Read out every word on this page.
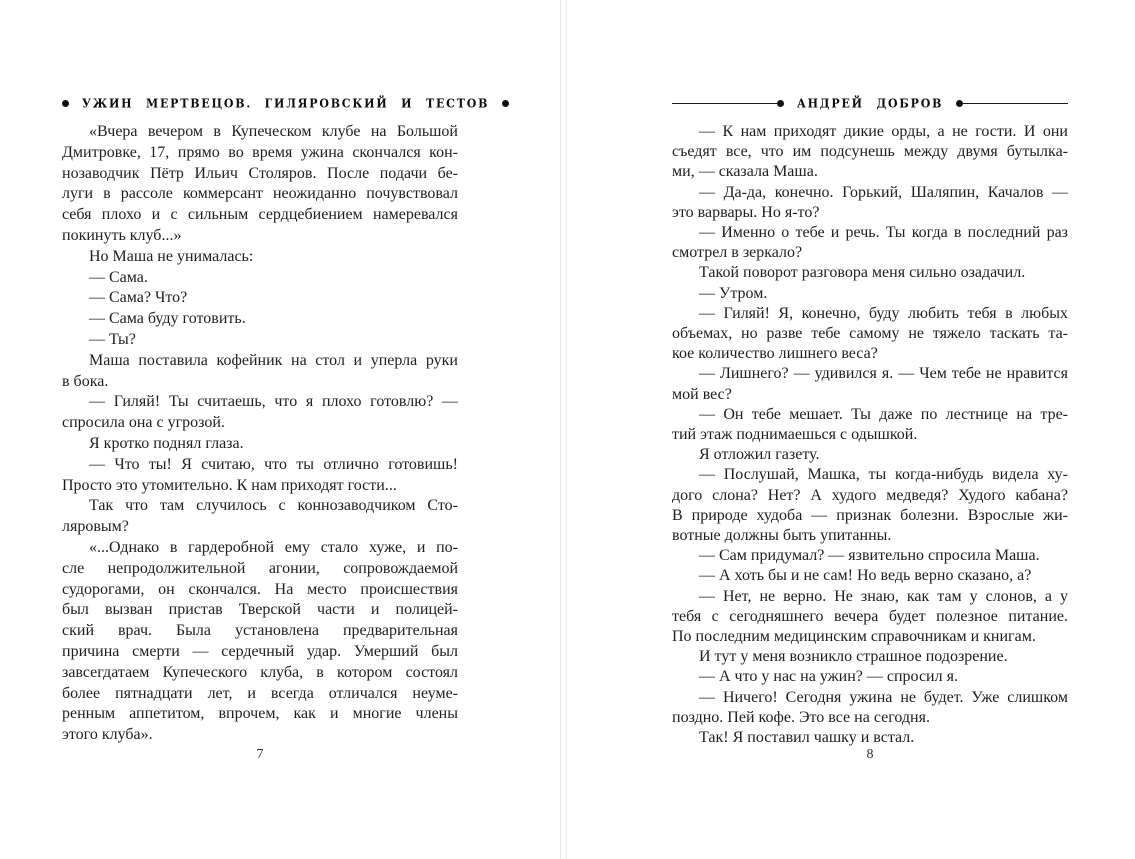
УЖИН МЕРТВЕЦОВ. ГИЛЯРОВСКИЙ И ТЕСТОВ
«Вчера вечером в Купеческом клубе на Большой
Дмитровке, 17, прямо во время ужина скончался кон-
нозаводчик Пётр Ильич Столяров. После подачи бе-
луги в рассоле коммерсант неожиданно почувствовал
себя плохо и с сильным сердцебиением намеревался
покинуть клуб...»
Но Маша не унималась:
— Сама.
— Сама? Что?
— Сама буду готовить.
— Ты?
Маша поставила кофейник на стол и уперла руки
в бока.
— Гиляй! Ты считаешь, что я плохо готовлю? —
спросила она с угрозой.
Я кротко поднял глаза.
— Что ты! Я считаю, что ты отлично готовишь!
Просто это утомительно. К нам приходят гости...
Так что там случилось с коннозаводчиком Сто-
ляровым?
«...Однако в гардеробной ему стало хуже, и по-
сле непродолжительной агонии, сопровождаемой
судорогами, он скончался. На место происшествия
был вызван пристав Тверской части и полицей-
ский врач. Была установлена предварительная
причина смерти — сердечный удар. Умерший был
завсегдатаем Купеческого клуба, в котором состоял
более пятнадцати лет, и всегда отличался неуме-
ренным аппетитом, впрочем, как и многие члены
этого клуба».
7
АНДРЕЙ ДОБРОВ
— К нам приходят дикие орды, а не гости. И они
съедят все, что им подсунешь между двумя бутылка-
ми, — сказала Маша.
— Да-да, конечно. Горький, Шаляпин, Качалов —
это варвары. Но я-то?
— Именно о тебе и речь. Ты когда в последний раз
смотрел в зеркало?
Такой поворот разговора меня сильно озадачил.
— Утром.
— Гиляй! Я, конечно, буду любить тебя в любых
объемах, но разве тебе самому не тяжело таскать та-
кое количество лишнего веса?
— Лишнего? — удивился я. — Чем тебе не нравится
мой вес?
— Он тебе мешает. Ты даже по лестнице на тре-
тий этаж поднимаешься с одышкой.
Я отложил газету.
— Послушай, Машка, ты когда-нибудь видела ху-
дого слона? Нет? А худого медведя? Худого кабана?
В природе худоба — признак болезни. Взрослые жи-
вотные должны быть упитанны.
— Сам придумал? — язвительно спросила Маша.
— А хоть бы и не сам! Но ведь верно сказано, а?
— Нет, не верно. Не знаю, как там у слонов, а у
тебя с сегодняшнего вечера будет полезное питание.
По последним медицинским справочникам и книгам.
И тут у меня возникло страшное подозрение.
— А что у нас на ужин? — спросил я.
— Ничего! Сегодня ужина не будет. Уже слишком
поздно. Пей кофе. Это все на сегодня.
Так! Я поставил чашку и встал.
8
